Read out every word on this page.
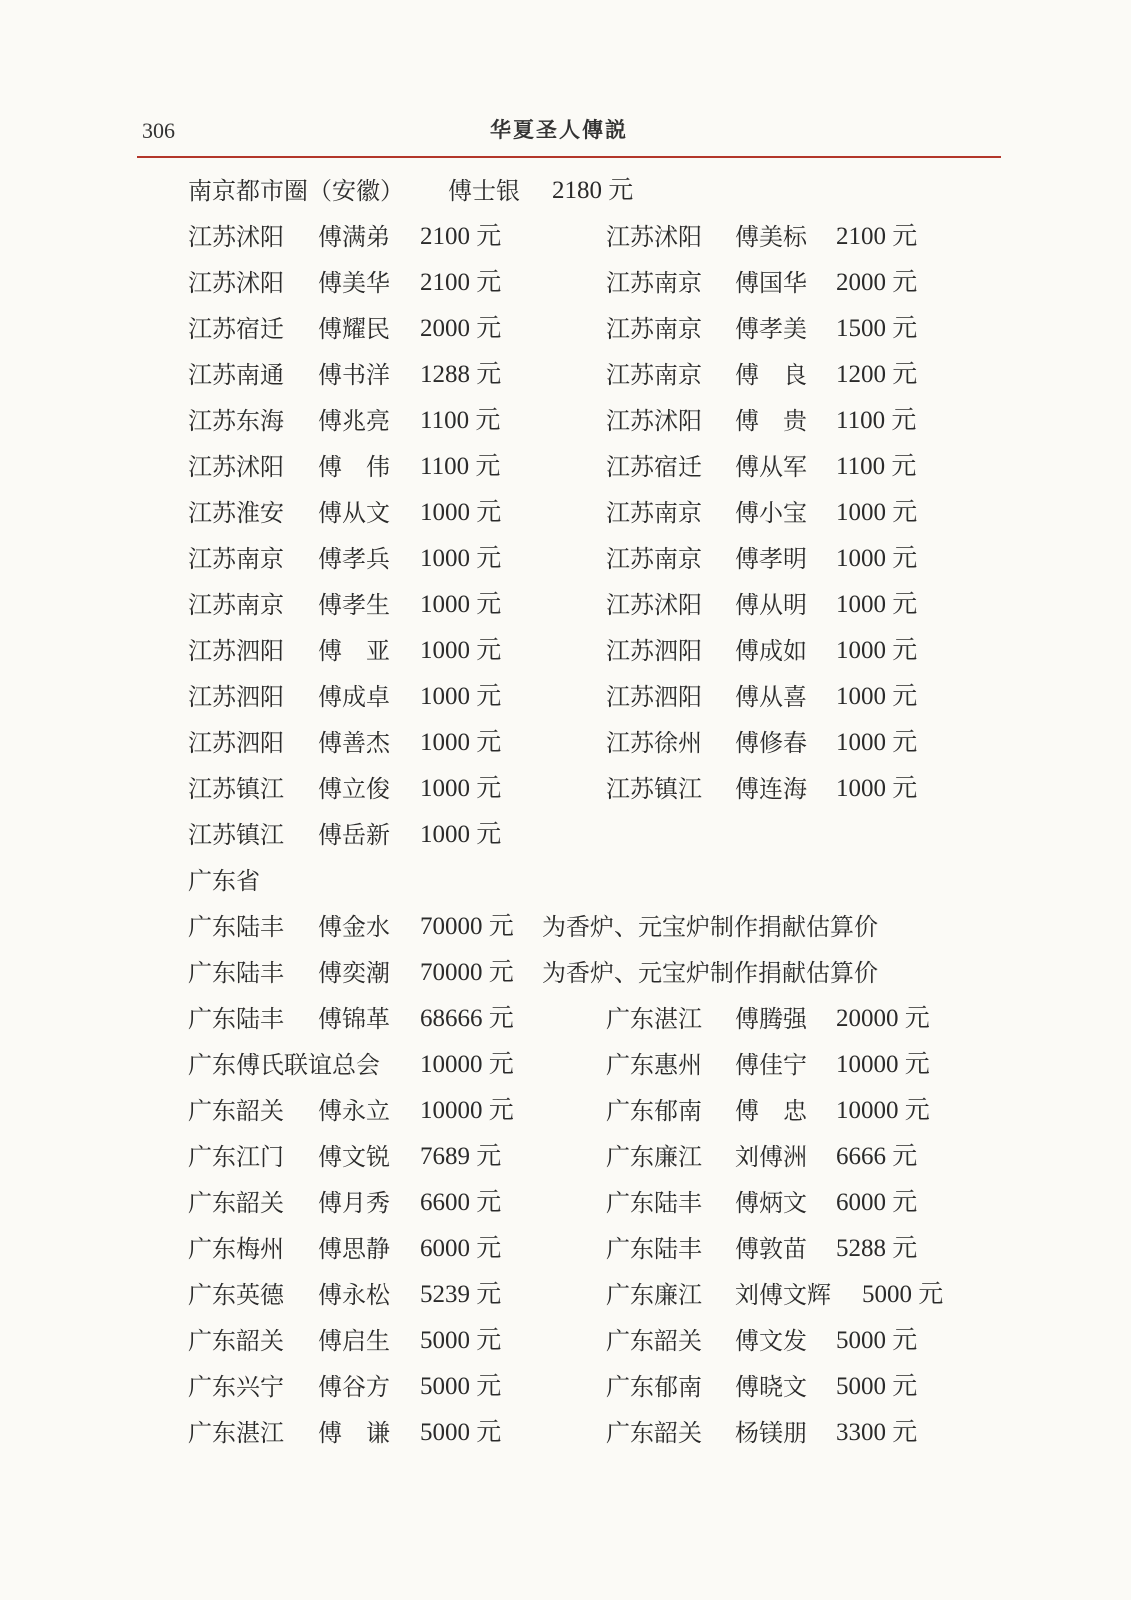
306	华夏圣人傳説
南京都市圈（安徽） 傅士银 2180 元
江苏沭阳 傅满弟 2100 元	江苏沭阳 傅美标 2100 元
江苏沭阳 傅美华 2100 元	江苏南京 傅国华 2000 元
江苏宿迁 傅耀民 2000 元	江苏南京 傅孝美 1500 元
江苏南通 傅书洋 1288 元	江苏南京 傅　良 1200 元
江苏东海 傅兆亮 1100 元	江苏沭阳 傅　贵 1100 元
江苏沭阳 傅　伟 1100 元	江苏宿迁 傅从军 1100 元
江苏淮安 傅从文 1000 元	江苏南京 傅小宝 1000 元
江苏南京 傅孝兵 1000 元	江苏南京 傅孝明 1000 元
江苏南京 傅孝生 1000 元	江苏沭阳 傅从明 1000 元
江苏泗阳 傅　亚 1000 元	江苏泗阳 傅成如 1000 元
江苏泗阳 傅成卓 1000 元	江苏泗阳 傅从喜 1000 元
江苏泗阳 傅善杰 1000 元	江苏徐州 傅修春 1000 元
江苏镇江 傅立俊 1000 元	江苏镇江 傅连海 1000 元
江苏镇江 傅岳新 1000 元
广东省
广东陆丰 傅金水 70000 元 为香炉、元宝炉制作捐献估算价
广东陆丰 傅奕潮 70000 元 为香炉、元宝炉制作捐献估算价
广东陆丰 傅锦革 68666 元	广东湛江 傅腾强 20000 元
广东傅氏联谊总会 10000 元	广东惠州 傅佳宁 10000 元
广东韶关 傅永立 10000 元	广东郁南 傅　忠 10000 元
广东江门 傅文锐 7689 元	广东廉江 刘傅洲 6666 元
广东韶关 傅月秀 6600 元	广东陆丰 傅炳文 6000 元
广东梅州 傅思静 6000 元	广东陆丰 傅敦苗 5288 元
广东英德 傅永松 5239 元	广东廉江 刘傅文辉 5000 元
广东韶关 傅启生 5000 元	广东韶关 傅文发 5000 元
广东兴宁 傅谷方 5000 元	广东郁南 傅晓文 5000 元
广东湛江 傅　谦 5000 元	广东韶关 杨镁朋 3300 元
